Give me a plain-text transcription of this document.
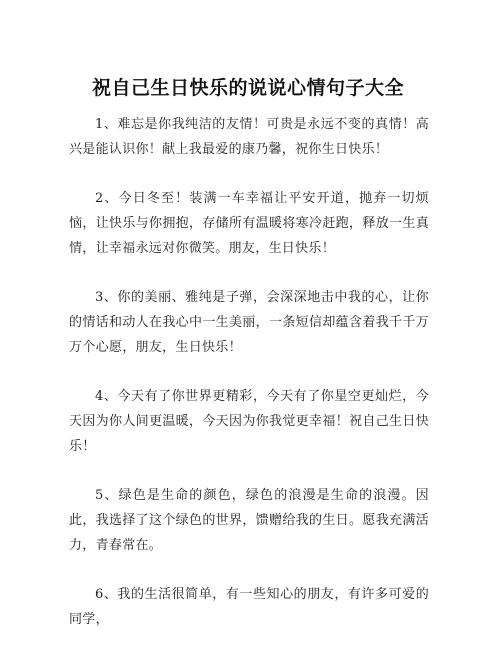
祝自己生日快乐的说说心情句子大全

1、难忘是你我纯洁的友情！可贵是永远不变的真情！高兴是能认识你！献上我最爱的康乃馨，祝你生日快乐！

2、今日冬至！装满一车幸福让平安开道，抛弃一切烦恼，让快乐与你拥抱，存储所有温暖将寒冷赶跑，释放一生真情，让幸福永远对你微笑。朋友，生日快乐！

3、你的美丽、雅纯是子弹，会深深地击中我的心，让你的情话和动人在我心中一生美丽，一条短信却蕴含着我千千万万个心愿，朋友，生日快乐！

4、今天有了你世界更精彩，今天有了你星空更灿烂，今天因为你人间更温暖，今天因为你我觉更幸福！祝自己生日快乐！

5、绿色是生命的颜色，绿色的浪漫是生命的浪漫。因此，我选择了这个绿色的世界，馈赠给我的生日。愿我充满活力，青春常在。

6、我的生活很简单，有一些知心的朋友，有许多可爱的同学，
